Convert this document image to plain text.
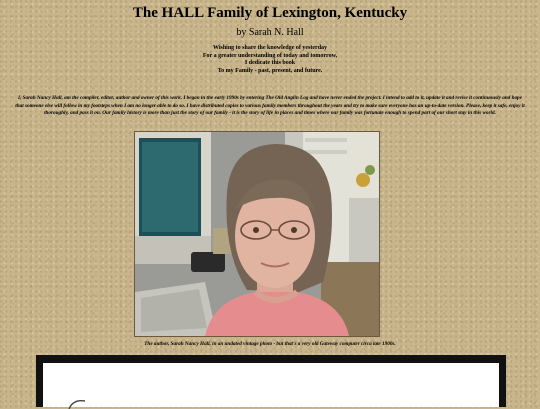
The HALL Family of Lexington, Kentucky
by Sarah N. Hall
Wishing to share the knowledge of yesterday
For a greater understanding of today and tomorrow,
I dedicate this book
To my Family - past, present, and future.
I, Sarah Nancy Hall, am the compiler, editor, author and owner of this work. I began in the early 1990s by entering The Old Anglin Log and have never ended the project. I intend to add to it, update it and revise it continuously and hope that someone else will follow in my footsteps when I am no longer able to do so. I have distributed copies to various family members throughout the years and try to make sure everyone has an up-to-date version. Please, keep it safe, enjoy it thoroughly, and pass it on. Our family history is more than just the story of our family - it is the story of life in places and times where our family was fortunate enough to spend part of our short stay in this world.
The author, Sarah Nancy Hall, in an undated vintage photo - but that's a very old Gateway computer circa late 1900s.
